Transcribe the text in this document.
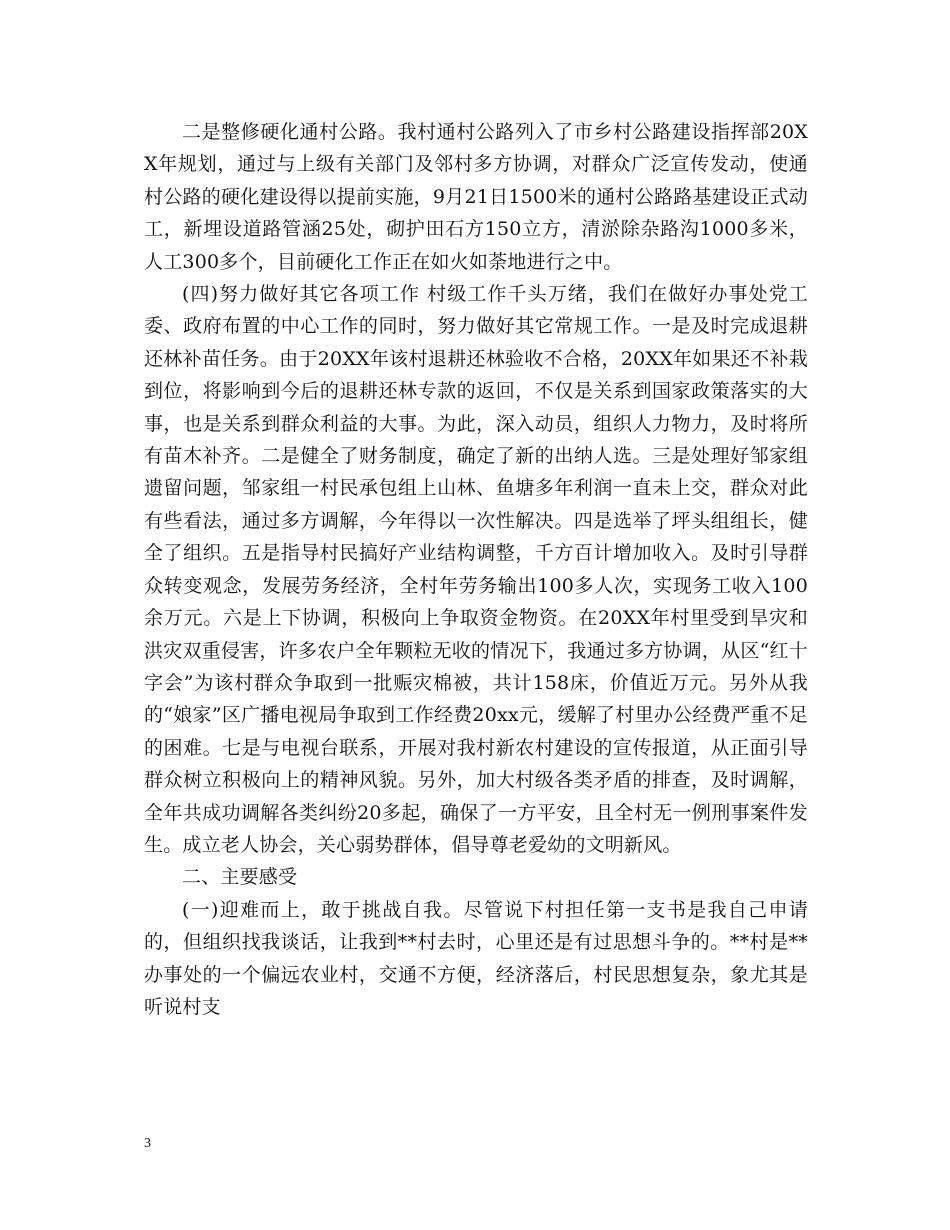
二是整修硬化通村公路。我村通村公路列入了市乡村公路建设指挥部20XX年规划，通过与上级有关部门及邻村多方协调，对群众广泛宣传发动，使通村公路的硬化建设得以提前实施，9月21日1500米的通村公路路基建设正式动工，新埋设道路管涵25处，砌护田石方150立方，清淤除杂路沟1000多米，人工300多个，目前硬化工作正在如火如荼地进行之中。

(四)努力做好其它各项工作 村级工作千头万绪，我们在做好办事处党工委、政府布置的中心工作的同时，努力做好其它常规工作。一是及时完成退耕还林补苗任务。由于20XX年该村退耕还林验收不合格，20XX年如果还不补栽到位，将影响到今后的退耕还林专款的返回，不仅是关系到国家政策落实的大事，也是关系到群众利益的大事。为此，深入动员，组织人力物力，及时将所有苗木补齐。二是健全了财务制度，确定了新的出纳人选。三是处理好邹家组遗留问题，邹家组一村民承包组上山林、鱼塘多年利润一直未上交，群众对此有些看法，通过多方调解，今年得以一次性解决。四是选举了坪头组组长，健全了组织。五是指导村民搞好产业结构调整，千方百计增加收入。及时引导群众转变观念，发展劳务经济，全村年劳务输出100多人次，实现务工收入100余万元。六是上下协调，积极向上争取资金物资。在20XX年村里受到旱灾和洪灾双重侵害，许多农户全年颗粒无收的情况下，我通过多方协调，从区“红十字会”为该村群众争取到一批赈灾棉被，共计158床，价值近万元。另外从我的“娘家”区广播电视局争取到工作经费20xx元，缓解了村里办公经费严重不足的困难。七是与电视台联系，开展对我村新农村建设的宣传报道，从正面引导群众树立积极向上的精神风貌。另外，加大村级各类矛盾的排查，及时调解，全年共成功调解各类纠纷20多起，确保了一方平安，且全村无一例刑事案件发生。成立老人协会，关心弱势群体，倡导尊老爱幼的文明新风。

二、主要感受

(一)迎难而上，敢于挑战自我。尽管说下村担任第一支书是我自己申请的，但组织找我谈话，让我到**村去时，心里还是有过思想斗争的。**村是**办事处的一个偏远农业村，交通不方便，经济落后，村民思想复杂，象尤其是听说村支

3
